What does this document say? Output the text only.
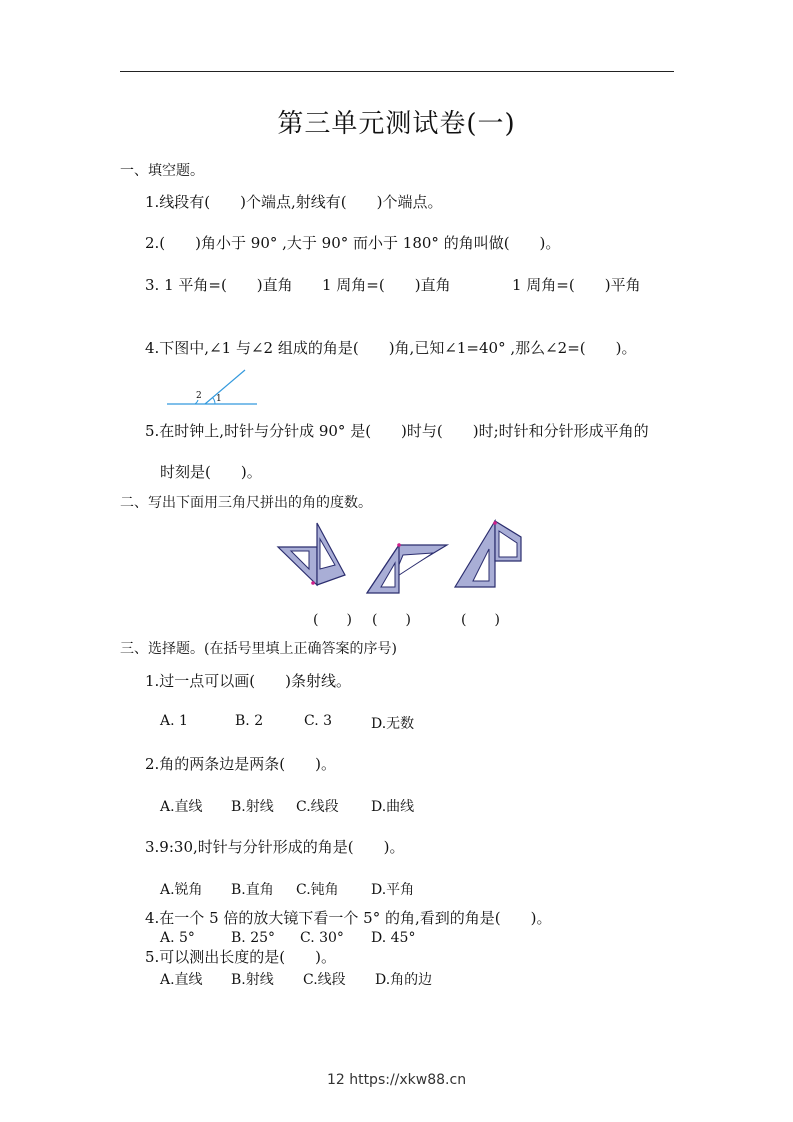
第三单元测试卷(一)
一、填空题。
1.线段有(　　)个端点,射线有(　　)个端点。
2.(　　)角小于 90° ,大于 90° 而小于 180° 的角叫做(　　)。
3. 1 平角=(　　)直角 1 周角=(　　)直角	1 周角=(　　)平角
4.下图中,∠1 与∠2 组成的角是(　　)角,已知∠1=40° ,那么∠2=(　　)。
1
2
5.在时钟上,时针与分针成 90° 是(　　)时与(　　)时;时针和分针形成平角的
时刻是(　　)。
二、写出下面用三角尺拼出的角的度数。
(　　) (　　)	(　　)
三、选择题。(在括号里填上正确答案的序号)
1.过一点可以画(　　)条射线。
A. 1	B. 2	C. 3	D.无数
2.角的两条边是两条(　　)。
A.直线 B.射线 C.线段 D.曲线
3.9:30,时针与分针形成的角是(　　)。
A.锐角 B.直角 C.钝角 D.平角
4.在一个 5 倍的放大镜下看一个 5° 的角,看到的角是(　　)。
A. 5°	B. 25° C. 30° D. 45°
5.可以测出长度的是(　　)。
A.直线 B.射线 C.线段 D.角的边
12 https://xkw88.cn
